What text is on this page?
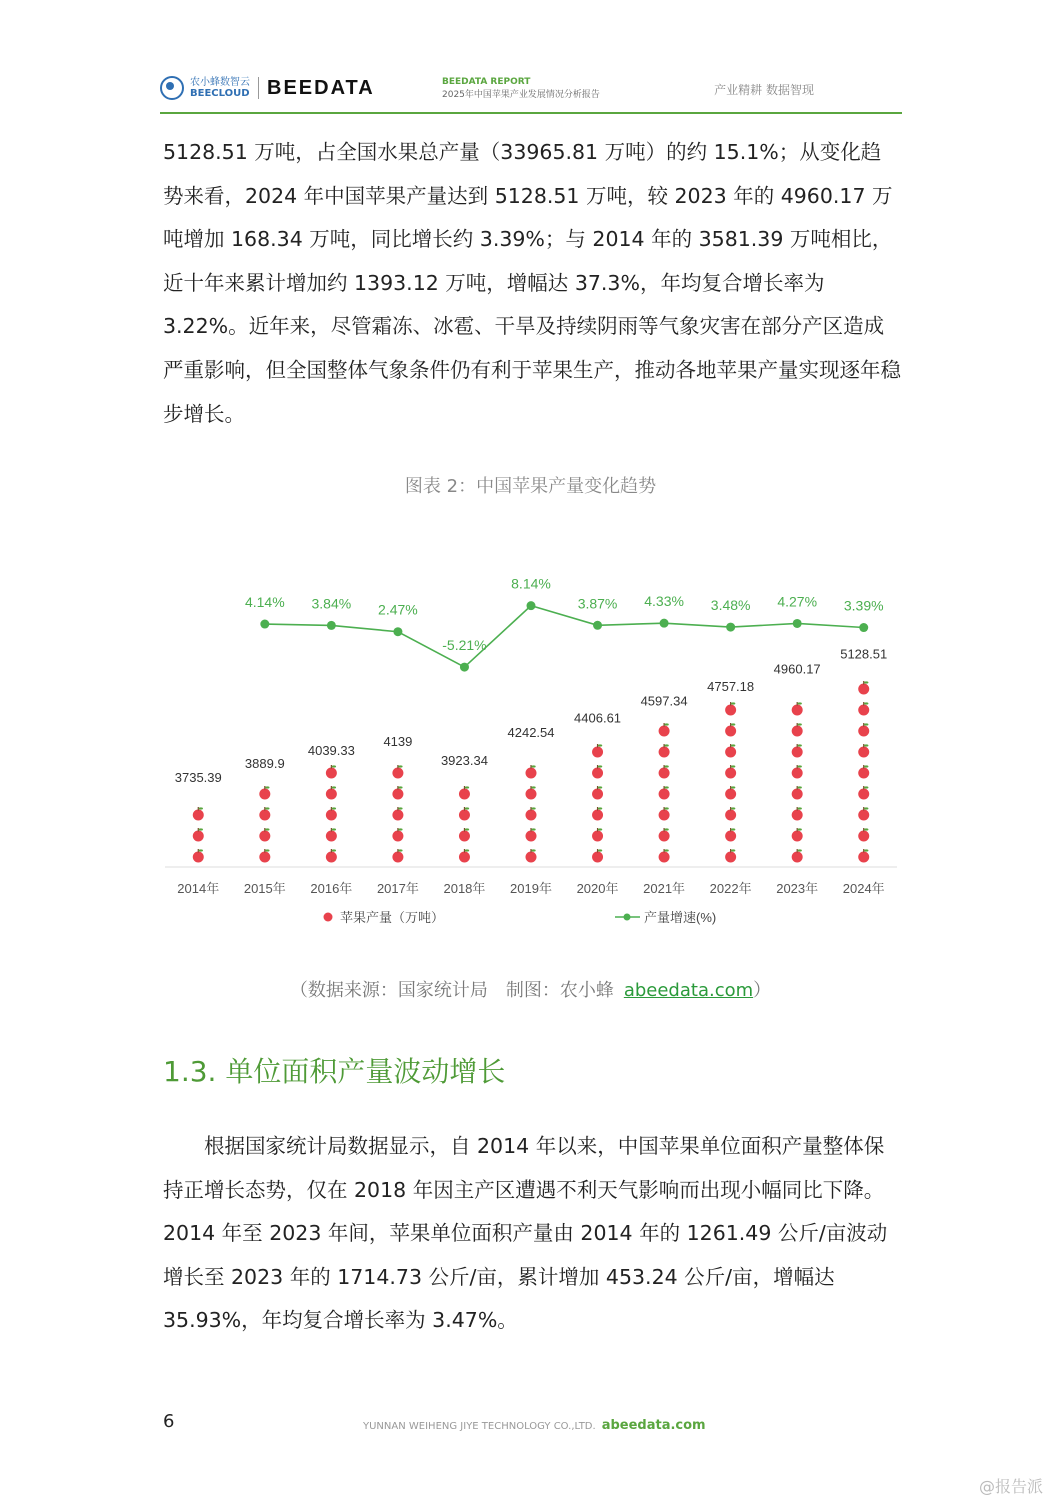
农小蜂数智云
BEECLOUD BEEDATA	BEEDATA REPORT
2025年中国苹果产业发展情况分析报告	产业精耕 数据智现

5128.51 万吨，占全国水果总产量（33965.81 万吨）的约 15.1%；从变化趋势来看，2024 年中国苹果产量达到 5128.51 万吨，较 2023 年的 4960.17 万吨增加 168.34 万吨，同比增长约 3.39%；与 2014 年的 3581.39 万吨相比，近十年来累计增加约 1393.12 万吨，增幅达 37.3%，年均复合增长率为 3.22%。近年来，尽管霜冻、冰雹、干旱及持续阴雨等气象灾害在部分产区造成严重影响，但全国整体气象条件仍有利于苹果生产，推动各地苹果产量实现逐年稳步增长。

图表 2：中国苹果产量变化趋势
2014年
3735.39
2015年
3889.9
4.14%
2016年
4039.33
3.84%
2017年
4139
2.47%
2018年
3923.34
-5.21%
2019年
4242.54
8.14%
2020年
4406.61
3.87%
2021年
4597.34
4.33%
2022年
4757.18
3.48%
2023年
4960.17
4.27%
2024年
5128.51
3.39%
苹果产量（万吨）	产量增速(%)
（数据来源：国家统计局　制图：农小蜂 abeedata.com）
1.3. 单位面积产量波动增长

根据国家统计局数据显示，自 2014 年以来，中国苹果单位面积产量整体保持正增长态势，仅在 2018 年因主产区遭遇不利天气影响而出现小幅同比下降。2014 年至 2023 年间，苹果单位面积产量由 2014 年的 1261.49 公斤/亩波动增长至 2023 年的 1714.73 公斤/亩，累计增加 453.24 公斤/亩，增幅达 35.93%，年均复合增长率为 3.47%。

6	YUNNAN WEIHENG JIYE TECHNOLOGY CO.,LTD. abeedata.com
@报告派
